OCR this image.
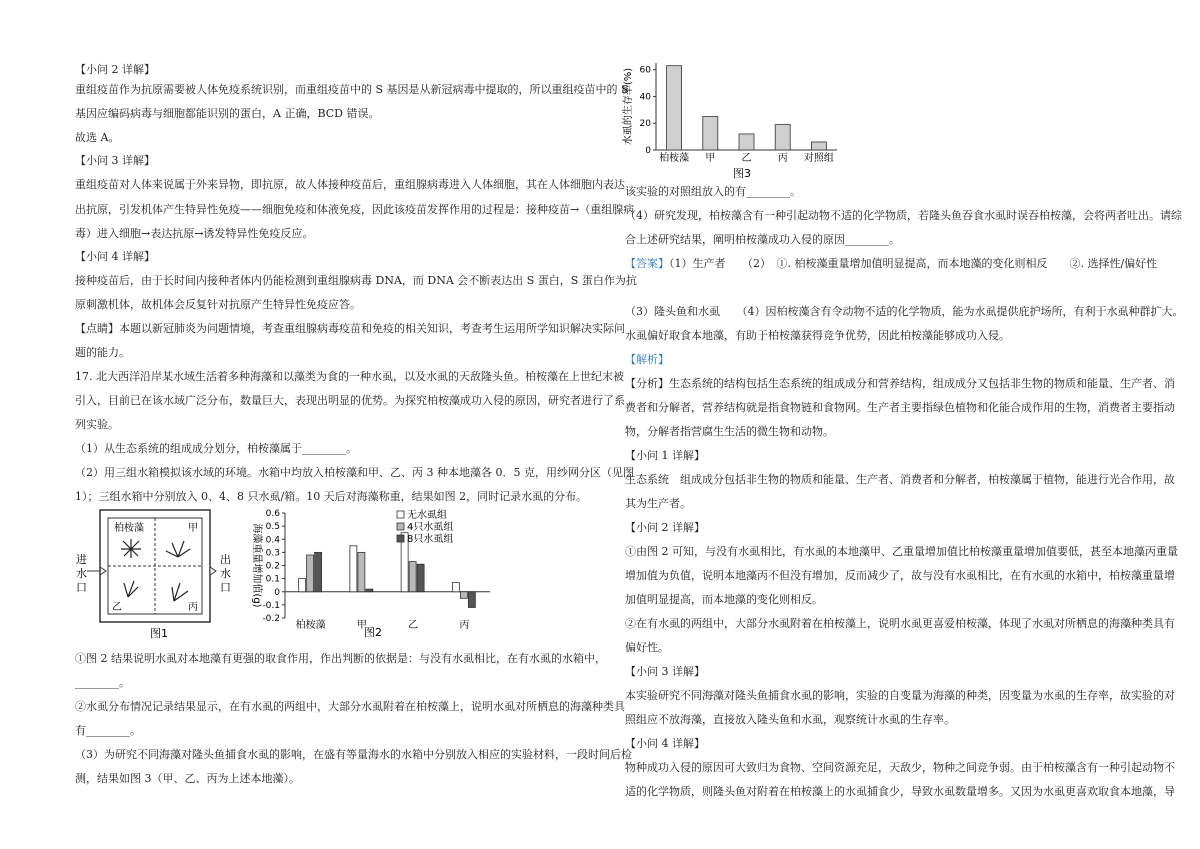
【小问 2 详解】
重组疫苗作为抗原需要被人体免疫系统识别，而重组疫苗中的 S 基因是从新冠病毒中提取的，所以重组疫苗中的 S
基因应编码病毒与细胞都能识别的蛋白，A 正确，BCD 错误。
故选 A。
【小问 3 详解】
重组疫苗对人体来说属于外来异物，即抗原，故人体接种疫苗后，重组腺病毒进入人体细胞，其在人体细胞内表达
出抗原，引发机体产生特异性免疫——细胞免疫和体液免疫，因此该疫苗发挥作用的过程是：接种疫苗→（重组腺病
毒）进入细胞→表达抗原→诱发特异性免疫反应。
【小问 4 详解】
接种疫苗后，由于长时间内接种者体内仍能检测到重组腺病毒 DNA，而 DNA 会不断表达出 S 蛋白，S 蛋白作为抗
原刺激机体，故机体会反复针对抗原产生特异性免疫应答。
【点睛】本题以新冠肺炎为问题情境，考查重组腺病毒疫苗和免疫的相关知识，考查考生运用所学知识解决实际问
题的能力。
17. 北大西洋沿岸某水域生活着多种海藻和以藻类为食的一种水虱，以及水虱的天敌隆头鱼。柏桉藻在上世纪末被
引入，目前已在该水域广泛分布，数量巨大，表现出明显的优势。为探究柏桉藻成功入侵的原因，研究者进行了系
列实验。
（1）从生态系统的组成成分划分，柏桉藻属于________。
（2）用三组水箱模拟该水域的环境。水箱中均放入柏桉藻和甲、乙、丙 3 种本地藻各 0．5 克，用纱网分区（见图
1）；三组水箱中分别放入 0、4、8 只水虱/箱。10 天后对海藻称重，结果如图 2，同时记录水虱的分布。
①图 2 结果说明水虱对本地藻有更强的取食作用，作出判断的依据是：与没有水虱相比，在有水虱的水箱中，
________。
②水虱分布情况记录结果显示，在有水虱的两组中，大部分水虱附着在柏桉藻上，说明水虱对所栖息的海藻种类具
有________。
（3）为研究不同海藻对隆头鱼捕食水虱的影响，在盛有等量海水的水箱中分别放入相应的实验材料，一段时间后检
测，结果如图 3（甲、乙、丙为上述本地藻）。
进
水
口
柏桉藻	甲
乙	丙
出
水
口
图1
海藻重量增加值(g)
0.6
0.5
0.4
0.3
0.2
0.1
0
-0.1
-0.2
柏桉藻	甲	乙	丙
无水虱组
4只水虱组
8只水虱组
图2
水虱的生存率(%) 60
40
20
0
柏桉藻 甲	乙	丙 对照组
图3
该实验的对照组放入的有________。
（4）研究发现，柏桉藻含有一种引起动物不适的化学物质，若隆头鱼吞食水虱时误吞柏桉藻，会将两者吐出。请综
合上述研究结果，阐明柏桉藻成功入侵的原因________。
【答案】（1）生产者　　（2）　①. 柏桉藻重量增加值明显提高，而本地藻的变化则相反　　②. 选择性/偏好性
（3）隆头鱼和水虱　　（4）因柏桉藻含有令动物不适的化学物质，能为水虱提供庇护场所，有利于水虱种群扩大。
水虱偏好取食本地藻，有助于柏桉藻获得竞争优势，因此柏桉藻能够成功入侵。
【解析】
【分析】生态系统的结构包括生态系统的组成成分和营养结构，组成成分又包括非生物的物质和能量、生产者、消
费者和分解者，营养结构就是指食物链和食物网。生产者主要指绿色植物和化能合成作用的生物，消费者主要指动
物，分解者指营腐生生活的微生物和动物。
【小问 1 详解】
生态系统　组成成分包括非生物的物质和能量、生产者、消费者和分解者，柏桉藻属于植物，能进行光合作用，故
其为生产者。
【小问 2 详解】
①由图 2 可知，与没有水虱相比，有水虱的本地藻甲、乙重量增加值比柏桉藻重量增加值要低，甚至本地藻丙重量
增加值为负值，说明本地藻丙不但没有增加，反而减少了，故与没有水虱相比，在有水虱的水箱中，柏桉藻重量增
加值明显提高，而本地藻的变化则相反。
②在有水虱的两组中，大部分水虱附着在柏桉藻上，说明水虱更喜爱柏桉藻，体现了水虱对所栖息的海藻种类具有
偏好性。
【小问 3 详解】
本实验研究不同海藻对隆头鱼捕食水虱的影响，实验的自变量为海藻的种类，因变量为水虱的生存率，故实验的对
照组应不放海藻，直接放入隆头鱼和水虱，观察统计水虱的生存率。
【小问 4 详解】
物种成功入侵的原因可大致归为食物、空间资源充足，天敌少，物种之间竞争弱。由于柏桉藻含有一种引起动物不
适的化学物质，则隆头鱼对附着在柏桉藻上的水虱捕食少，导致水虱数量增多。又因为水虱更喜欢取食本地藻，导
